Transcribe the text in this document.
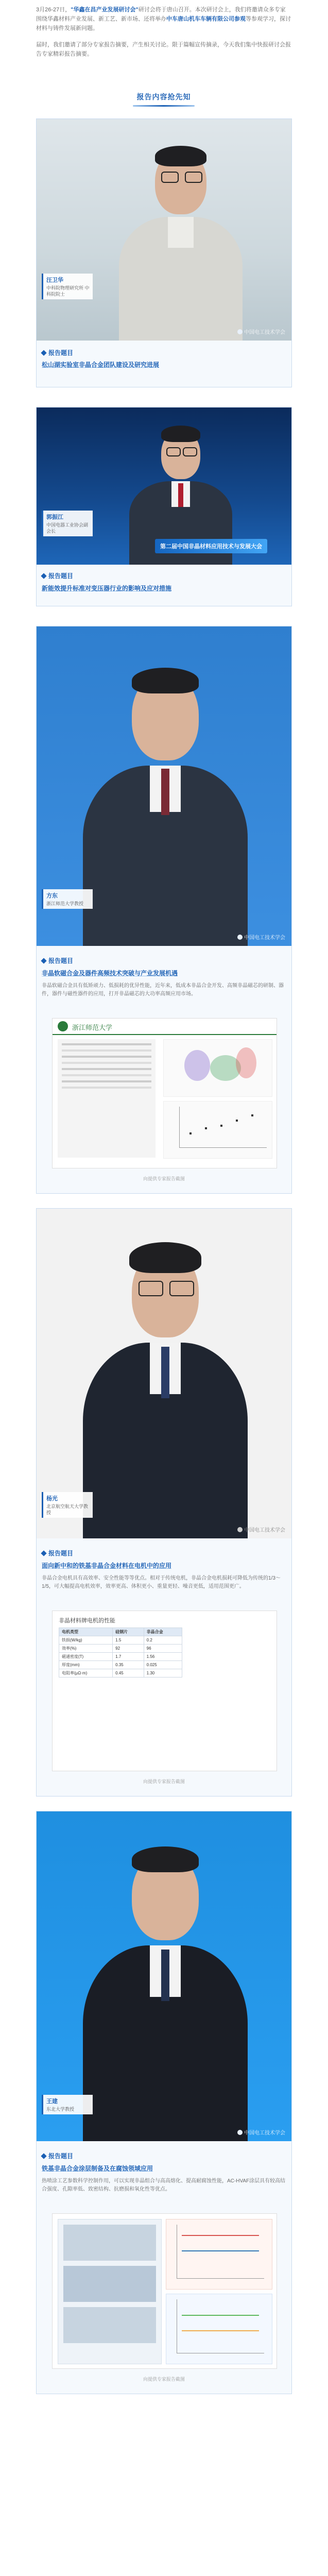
3月26-27日，"华鑫在昌产业发展研讨会"研讨会将于唐山召开。本次研讨会上，我们将邀请众多专家围绕华鑫材料产业发展、新工艺、新市场、还将举办中车唐山机车车辆有限公司参观等参观学习，探讨材料与铸件发展新问题。
届时，我们邀请了部分专家报告摘要，产生相关讨论。限于篇幅宣传摘录，今天我们集中快报研讨会报告专家精彩报告摘要。
报告内容抢先知
汪卫华
中科院物理研究所 中科院院士
中国电工技术学会
报告题目
松山湖实验室非晶合金团队建设及研究进展
第二届中国非晶材料应用技术与发展大会
郭振江
中国电器工业协会副会长
报告题目
新能效提升标准对变压器行业的影响及应对措施
方东
浙江师范大学教授
中国电工技术学会
报告题目
非晶软磁合金及器件高频技术突破与产业发展机遇
非晶软磁合金具有低矫顽力、低损耗的优异性能，近年来，低成本非晶合金开发、高频非晶磁芯的研制、器件，器件与磁性器件的应用，打开非晶磁芯的大功率高频应用市场。
浙江师范大学
向提供专家报告截图
杨光
北京航空航天大学教授
中国电工技术学会
报告题目
面向新中和的铁基非晶合金材料在电机中的应用
非晶合金电机具有高效率、安全性能等等优点。相对于传统电机，非晶合金电机损耗可降低为传统的1/3～1/5，可大幅提高电机效率，效率更高、体积更小、重量更轻、噪音更低，适用范围更广。
非晶材料牌电机的性能
电机类型	硅钢片	非晶合金
铁损(W/kg)	1.5	0.2
效率(%)	92	96
磁通密度(T)	1.7	1.56
厚度(mm)	0.35	0.025
电阻率(μΩ·m)	0.45	1.30
向提供专家报告截图
王建
东北大学教授
中国电工技术学会
报告题目
铁基非晶合金涂层制备及在腐蚀领域应用
热喷涂工艺参数科学控制作用，可以实现非晶组合与高高熔化、提高耐腐蚀性能，AC-HVAF涂层具有较高结合强度、孔隙率低、致密结构、抗磨损和氧化性等优点。
向提供专家报告截图
